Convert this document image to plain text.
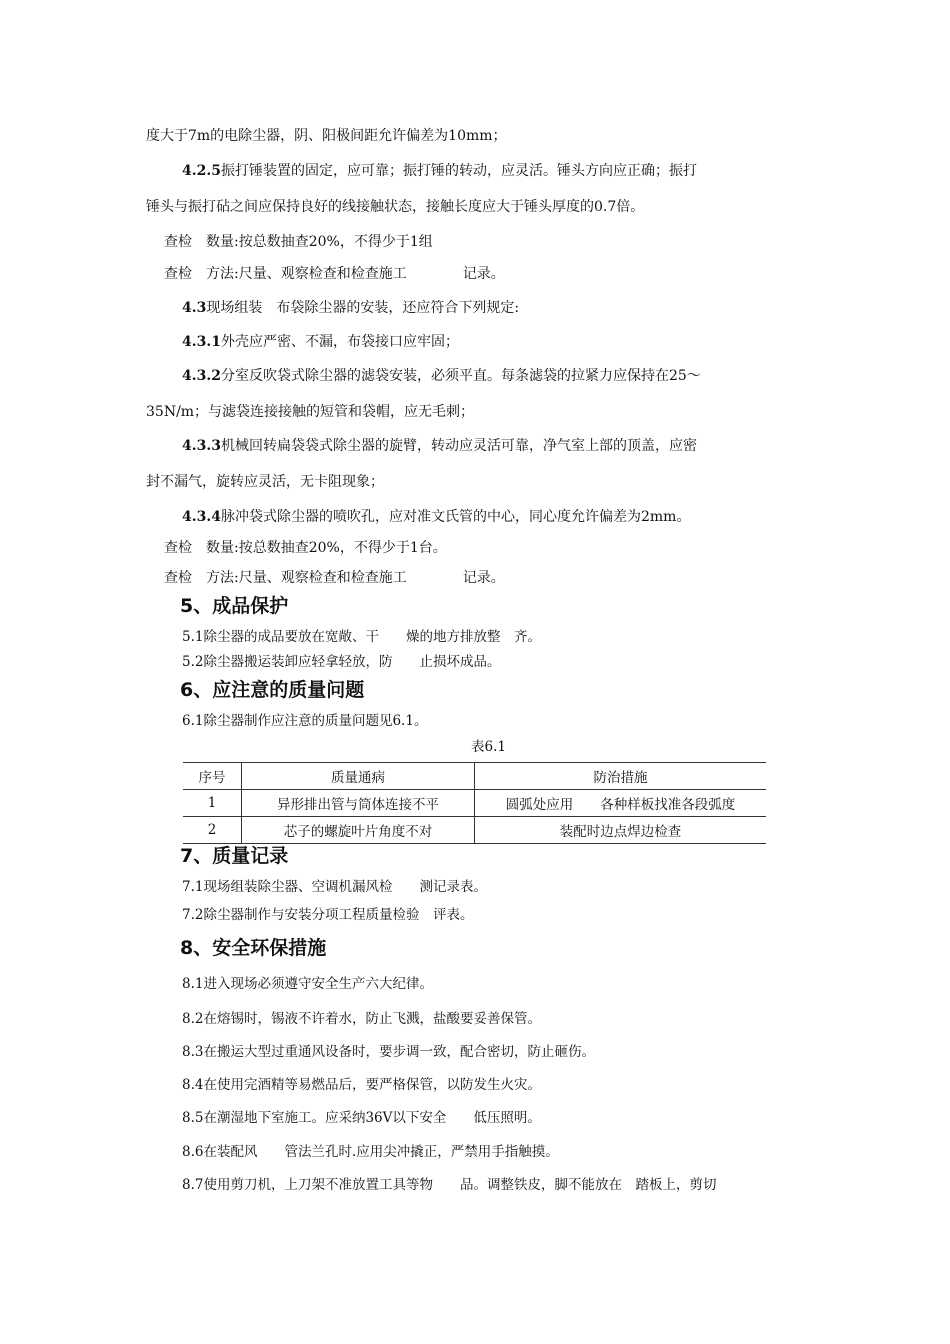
度大于7m的电除尘器，阴、阳极间距允许偏差为10mm；
4.2.5振打锤装置的固定，应可靠；振打锤的转动，应灵活。锤头方向应正确；振打
锤头与振打砧之间应保持良好的线接触状态，接触长度应大于锤头厚度的0.7倍。
查检　数量:按总数抽查20%，不得少于1组
查检　方法:尺量、观察检查和检查施工　　　　记录。
4.3现场组装　布袋除尘器的安装，还应符合下列规定:
4.3.1外壳应严密、不漏，布袋接口应牢固；
4.3.2分室反吹袋式除尘器的滤袋安装，必须平直。每条滤袋的拉紧力应保持在25～
35N/m；与滤袋连接接触的短管和袋帽，应无毛刺；
4.3.3机械回转扁袋袋式除尘器的旋臂，转动应灵活可靠，净气室上部的顶盖，应密
封不漏气，旋转应灵活，无卡阻现象；
4.3.4脉冲袋式除尘器的喷吹孔，应对准文氏管的中心，同心度允许偏差为2mm。
查检　数量:按总数抽查20%，不得少于1台。
查检　方法:尺量、观察检查和检查施工　　　　记录。
5、成品保护
5.1除尘器的成品要放在宽敞、干　　燥的地方排放整　齐。
5.2除尘器搬运装卸应轻拿轻放，防　　止损坏成品。
6、应注意的质量问题
6.1除尘器制作应注意的质量问题见6.1。
表6.1
序号	质量通病	防治措施
1	异形排出管与筒体连接不平	圆弧处应用　　各种样板找准各段弧度
2	芯子的螺旋叶片角度不对	装配时边点焊边检查
7、质量记录
7.1现场组装除尘器、空调机漏风检　　测记录表。
7.2除尘器制作与安装分项工程质量检验　评表。
8、安全环保措施
8.1进入现场必须遵守安全生产六大纪律。
8.2在熔锡时，锡液不许着水，防止飞溅，盐酸要妥善保管。
8.3在搬运大型过重通风设备时，要步调一致，配合密切，防止砸伤。
8.4在使用完酒精等易燃品后，要严格保管，以防发生火灾。
8.5在潮湿地下室施工。应采纳36V以下安全　　低压照明。
8.6在装配风　　管法兰孔时.应用尖冲撬正，严禁用手指触摸。
8.7使用剪刀机，上刀架不准放置工具等物　　品。调整铁皮，脚不能放在　踏板上，剪切
